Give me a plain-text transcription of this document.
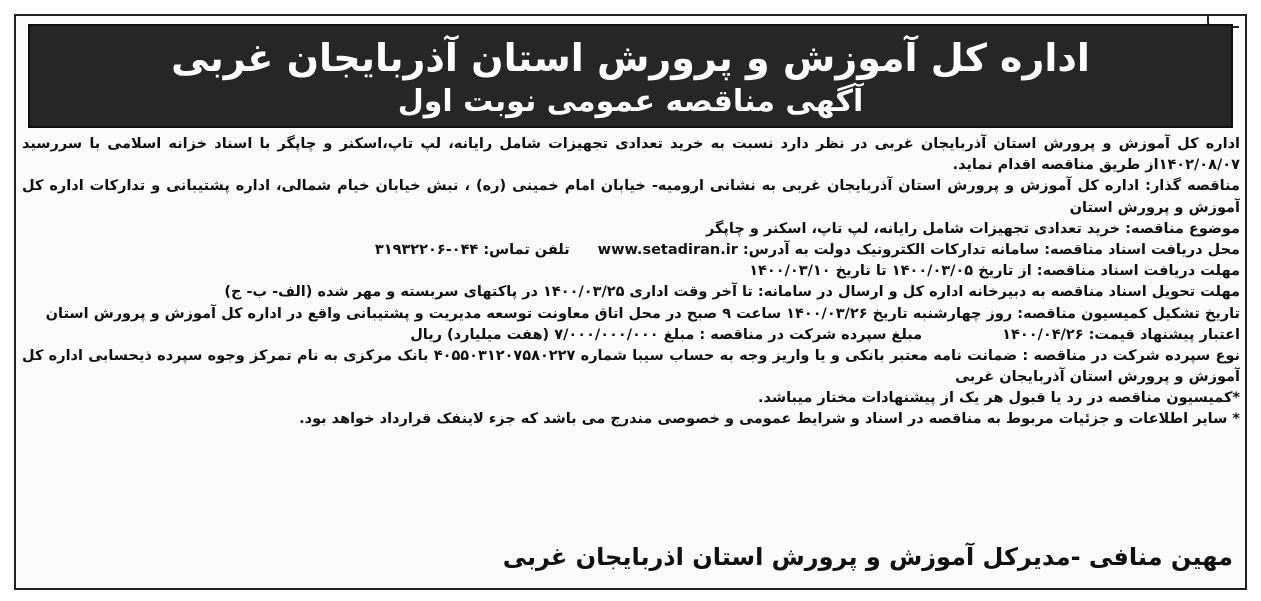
اداره کل آموزش و پرورش استان آذربایجان غربی
آگهی مناقصه عمومی نوبت اول
اداره کل آموزش و پرورش استان آذربایجان غربی در نظر دارد نسبت به خرید تعدادی تجهیزات شامل رایانه، لپ تاپ،اسکنر و چاپگر با اسناد خزانه اسلامی با سررسید
۱۴۰۲/۰۸/۰۷از طریق مناقصه اقدام نماید.
مناقصه گذار: اداره کل آموزش و پرورش استان آذربایجان غربی به نشانی ارومیه- خیابان امام خمینی (ره) ، نبش خیابان خیام شمالی، اداره پشتیبانی و تدارکات اداره کل
آموزش و پرورش استان
موضوع مناقصه: خرید تعدادی تجهیزات شامل رایانه، لپ تاپ، اسکنر و چاپگر
محل دریافت اسناد مناقصه: سامانه تدارکات الکترونیک دولت به آدرس: www.setadiran.ir
تلفن تماس: ۰۴۴-۳۱۹۳۲۲۰۶
مهلت دریافت اسناد مناقصه: از تاریخ ۱۴۰۰/۰۳/۰۵ تا تاریخ ۱۴۰۰/۰۳/۱۰
مهلت تحویل اسناد مناقصه به دبیرخانه اداره کل و ارسال در سامانه: تا آخر وقت اداری ۱۴۰۰/۰۳/۲۵ در پاکتهای سربسته و مهر شده (الف- ب- ج)
تاریخ تشکیل کمیسیون مناقصه: روز چهارشنبه تاریخ ۱۴۰۰/۰۳/۲۶ ساعت ۹ صبح در محل اتاق معاونت توسعه مدیریت و پشتیبانی واقع در اداره کل آموزش و پرورش استان
اعتبار پیشنهاد قیمت: ۱۴۰۰/۰۴/۲۶
مبلغ سپرده شرکت در مناقصه : مبلغ ۷/۰۰۰/۰۰۰/۰۰۰ (هفت میلیارد) ریال
نوع سپرده شرکت در مناقصه : ضمانت نامه معتبر بانکی و یا واریز وجه به حساب سیبا شماره ۴۰۵۵۰۳۱۲۰۷۵۸۰۲۲۷ بانک مرکزی به نام تمرکز وجوه سپرده ذیحسابی اداره کل
آموزش و پرورش استان آذربایجان غربی
*کمیسیون مناقصه در رد یا قبول هر یک از پیشنهادات مختار میباشد.
* سایر اطلاعات و جزئیات مربوط به مناقصه در اسناد و شرایط عمومی و خصوصی مندرج می باشد که جزء لاینفک قرارداد خواهد بود.
مهین منافی -مدیرکل آموزش و پرورش استان اذربایجان غربی
